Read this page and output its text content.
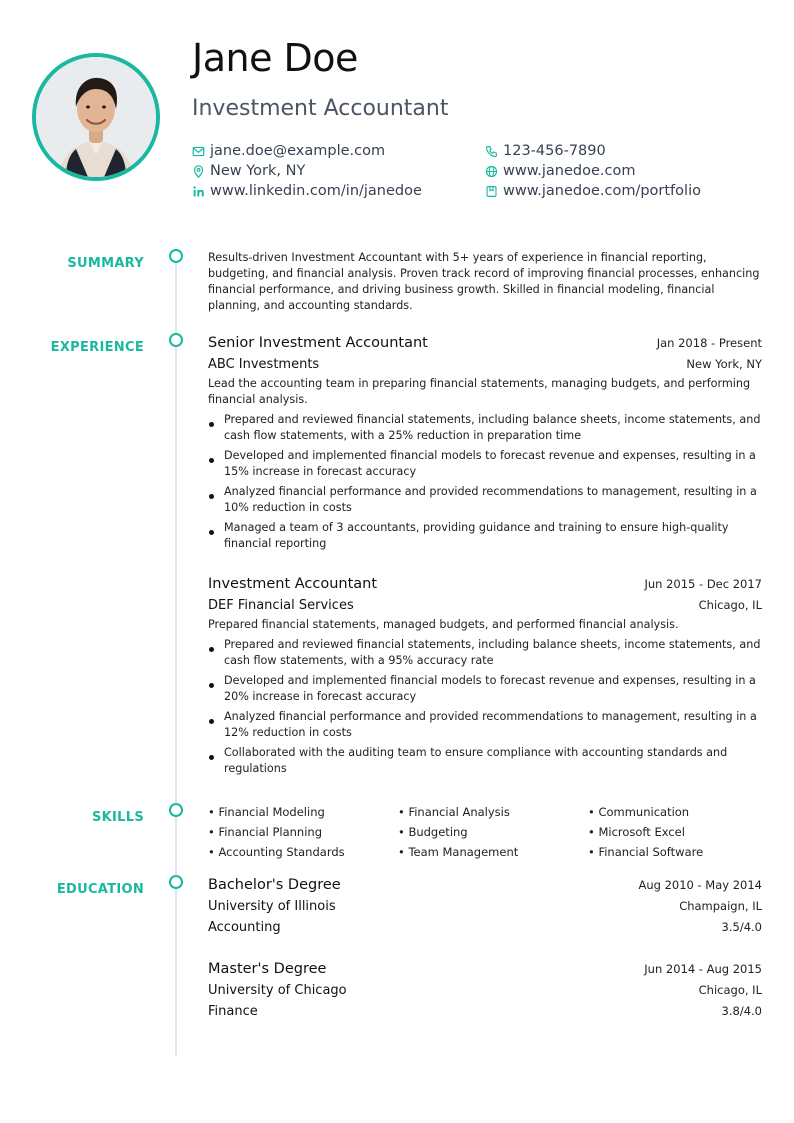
Jane Doe
Investment Accountant
jane.doe@example.com
New York, NY
www.linkedin.com/in/janedoe
123-456-7890
www.janedoe.com
www.janedoe.com/portfolio
SUMMARY	Results-driven Investment Accountant with 5+ years of experience in financial reporting, budgeting, and financial analysis. Proven track record of improving financial processes, enhancing financial performance, and driving business growth. Skilled in financial modeling, financial planning, and accounting standards.

EXPERIENCE	Senior Investment Accountant	Jan 2018 - Present
ABC Investments	New York, NY

Lead the accounting team in preparing financial statements, managing budgets, and performing financial analysis.

Prepared and reviewed financial statements, including balance sheets, income statements, and cash flow statements, with a 25% reduction in preparation time
Developed and implemented financial models to forecast revenue and expenses, resulting in a 15% increase in forecast accuracy
Analyzed financial performance and provided recommendations to management, resulting in a 10% reduction in costs
Managed a team of 3 accountants, providing guidance and training to ensure high-quality financial reporting
Investment Accountant	Jun 2015 - Dec 2017
DEF Financial Services	Chicago, IL

Prepared financial statements, managed budgets, and performed financial analysis.

Prepared and reviewed financial statements, including balance sheets, income statements, and cash flow statements, with a 95% accuracy rate
Developed and implemented financial models to forecast revenue and expenses, resulting in a 20% increase in forecast accuracy
Analyzed financial performance and provided recommendations to management, resulting in a 12% reduction in costs
Collaborated with the auditing team to ensure compliance with accounting standards and regulations
SKILLS	• Financial Modeling	• Financial Analysis	• Communication
• Financial Planning	• Budgeting	• Microsoft Excel
• Accounting Standards	• Team Management	• Financial Software
EDUCATION	Bachelor's Degree	Aug 2010 - May 2014
University of Illinois	Champaign, IL
Accounting	3.5/4.0
Master's Degree	Jun 2014 - Aug 2015
University of Chicago	Chicago, IL
Finance	3.8/4.0
